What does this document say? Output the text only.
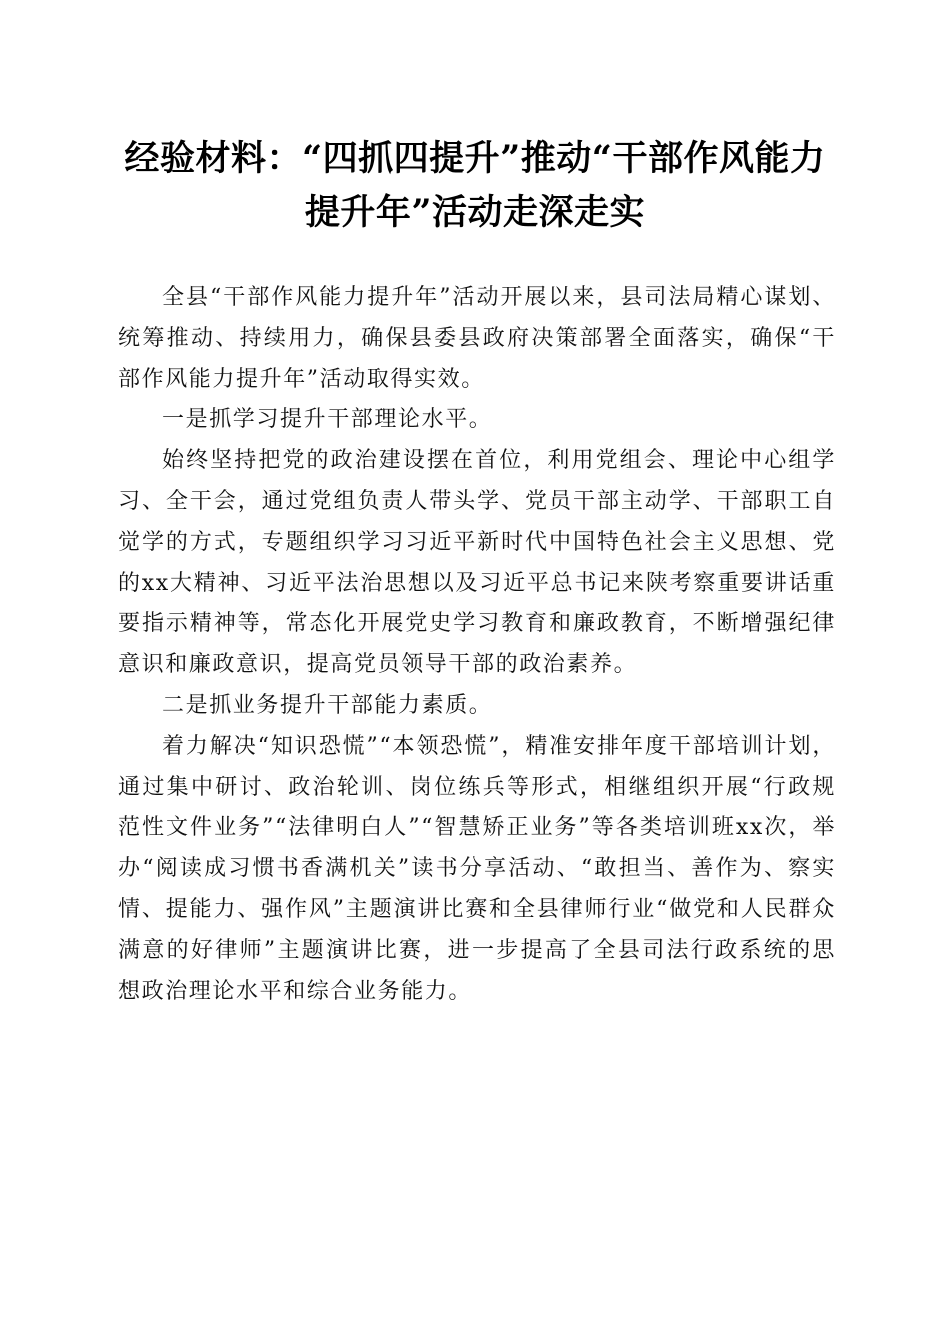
经验材料：“四抓四提升”推动“干部作风能力提升年”活动走深走实

全县“干部作风能力提升年”活动开展以来，县司法局精心谋划、统筹推动、持续用力，确保县委县政府决策部署全面落实，确保“干部作风能力提升年”活动取得实效。

一是抓学习提升干部理论水平。

始终坚持把党的政治建设摆在首位，利用党组会、理论中心组学习、全干会，通过党组负责人带头学、党员干部主动学、干部职工自觉学的方式，专题组织学习习近平新时代中国特色社会主义思想、党的xx大精神、习近平法治思想以及习近平总书记来陕考察重要讲话重要指示精神等，常态化开展党史学习教育和廉政教育，不断增强纪律意识和廉政意识，提高党员领导干部的政治素养。

二是抓业务提升干部能力素质。

着力解决“知识恐慌”“本领恐慌”，精准安排年度干部培训计划，通过集中研讨、政治轮训、岗位练兵等形式，相继组织开展“行政规范性文件业务”“法律明白人”“智慧矫正业务”等各类培训班xx次，举办“阅读成习惯书香满机关”读书分享活动、“敢担当、善作为、察实情、提能力、强作风”主题演讲比赛和全县律师行业“做党和人民群众满意的好律师”主题演讲比赛，进一步提高了全县司法行政系统的思想政治理论水平和综合业务能力。
